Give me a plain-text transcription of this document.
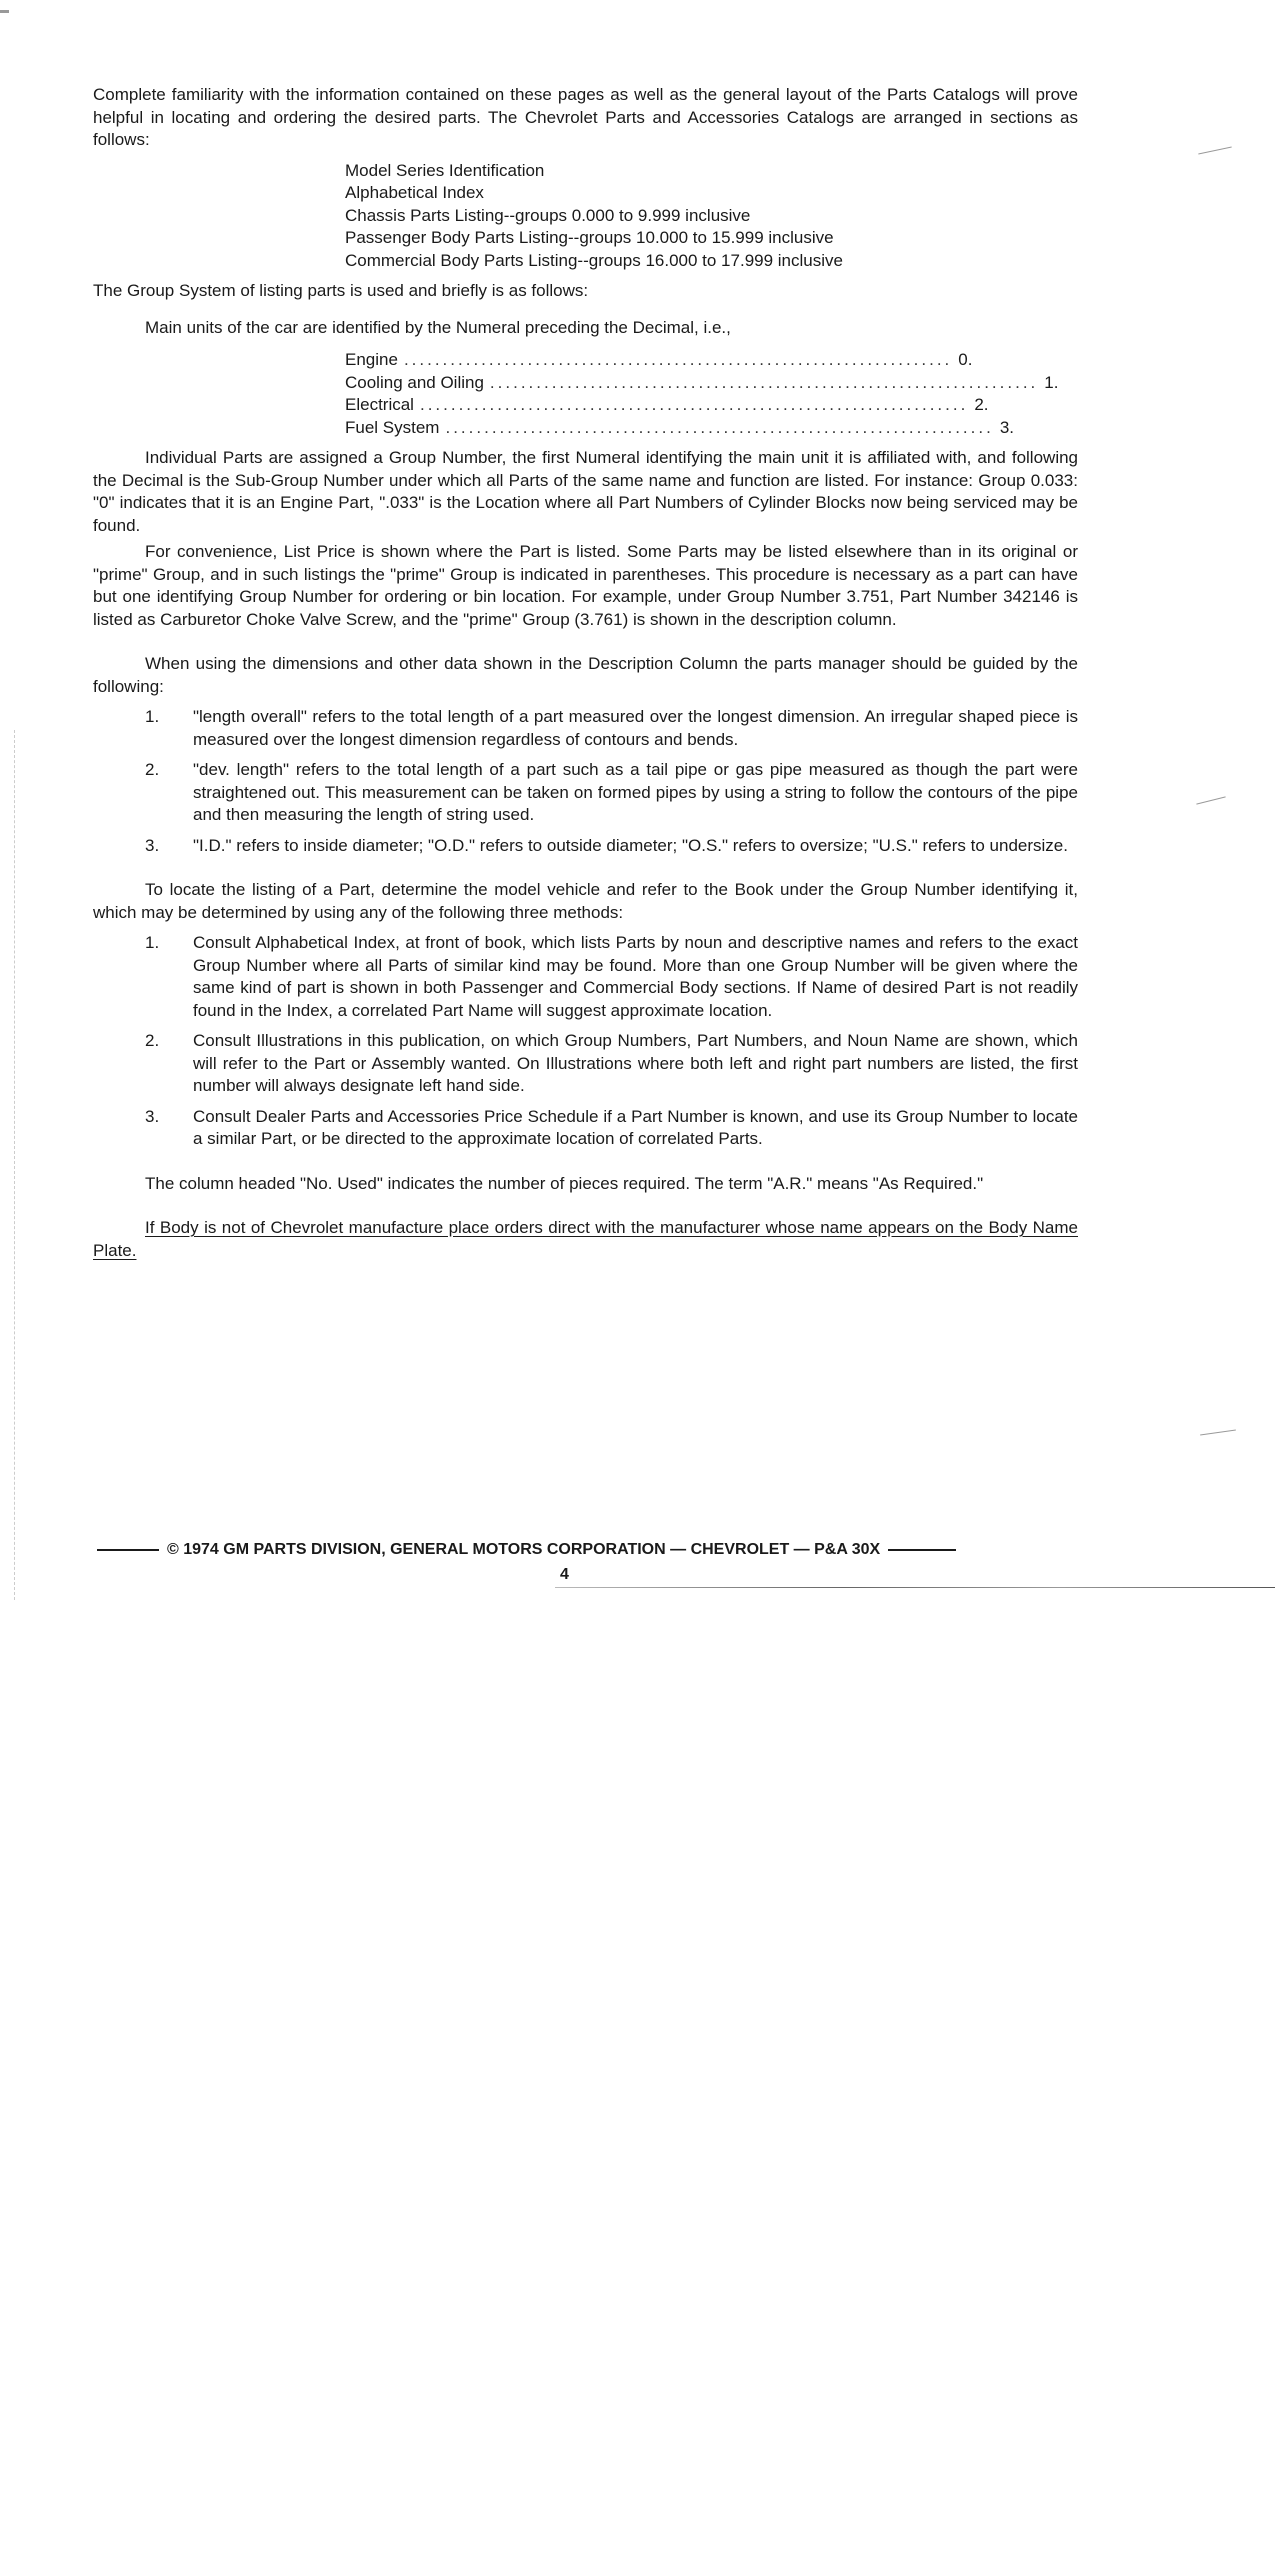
Complete familiarity with the information contained on these pages as well as the general layout of the Parts Catalogs will prove helpful in locating and ordering the desired parts. The Chevrolet Parts and Accessories Catalogs are arranged in sections as follows:

Model Series Identification
Alphabetical Index
Chassis Parts Listing--groups 0.000 to 9.999 inclusive
Passenger Body Parts Listing--groups 10.000 to 15.999 inclusive
Commercial Body Parts Listing--groups 16.000 to 17.999 inclusive

The Group System of listing parts is used and briefly is as follows:

Main units of the car are identified by the Numeral preceding the Decimal, i.e.,

Engine ....................................................................... 0.
Cooling and Oiling ....................................................................... 1.
Electrical ....................................................................... 2.
Fuel System ....................................................................... 3.

Individual Parts are assigned a Group Number, the first Numeral identifying the main unit it is affiliated with, and following the Decimal is the Sub-Group Number under which all Parts of the same name and function are listed. For instance: Group 0.033: "0" indicates that it is an Engine Part, ".033" is the Location where all Part Numbers of Cylinder Blocks now being serviced may be found.

For convenience, List Price is shown where the Part is listed. Some Parts may be listed elsewhere than in its original or "prime" Group, and in such listings the "prime" Group is indicated in parentheses. This procedure is necessary as a part can have but one identifying Group Number for ordering or bin location. For example, under Group Number 3.751, Part Number 342146 is listed as Carburetor Choke Valve Screw, and the "prime" Group (3.761) is shown in the description column.

When using the dimensions and other data shown in the Description Column the parts manager should be guided by the following:

1.	"length overall" refers to the total length of a part measured over the longest dimension. An irregular shaped piece is measured over the longest dimension regardless of contours and bends.
2.	"dev. length" refers to the total length of a part such as a tail pipe or gas pipe measured as though the part were straightened out. This measurement can be taken on formed pipes by using a string to follow the contours of the pipe and then measuring the length of string used.
3.	"I.D." refers to inside diameter; "O.D." refers to outside diameter; "O.S." refers to oversize; "U.S." refers to undersize.

To locate the listing of a Part, determine the model vehicle and refer to the Book under the Group Number identifying it, which may be determined by using any of the following three methods:

1.	Consult Alphabetical Index, at front of book, which lists Parts by noun and descriptive names and refers to the exact Group Number where all Parts of similar kind may be found. More than one Group Number will be given where the same kind of part is shown in both Passenger and Commercial Body sections. If Name of desired Part is not readily found in the Index, a correlated Part Name will suggest approximate location.
2.	Consult Illustrations in this publication, on which Group Numbers, Part Numbers, and Noun Name are shown, which will refer to the Part or Assembly wanted. On Illustrations where both left and right part numbers are listed, the first number will always designate left hand side.
3.	Consult Dealer Parts and Accessories Price Schedule if a Part Number is known, and use its Group Number to locate a similar Part, or be directed to the approximate location of correlated Parts.

The column headed "No. Used" indicates the number of pieces required. The term "A.R." means "As Required."

If Body is not of Chevrolet manufacture place orders direct with the manufacturer whose name appears on the Body Name Plate.

© 1974 GM PARTS DIVISION, GENERAL MOTORS CORPORATION — CHEVROLET — P&A 30X
4
